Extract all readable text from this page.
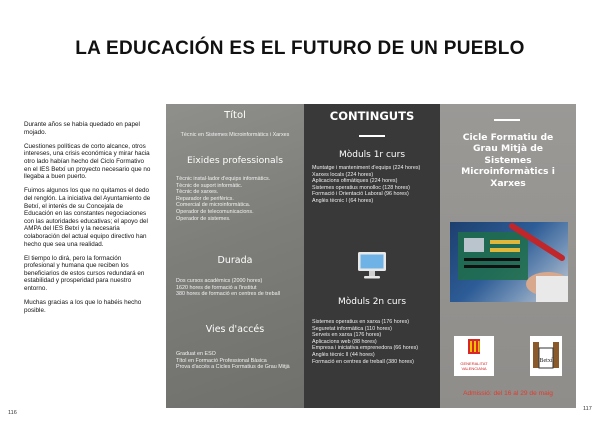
LA EDUCACIÓN ES EL FUTURO DE UN PUEBLO

Durante años se había quedado en papel mojado.

Cuestiones políticas de corto alcance, otros intereses, una crisis económica y mirar hacia otro lado habían hecho del Ciclo Formativo en el IES Betxí un proyecto necesario que no llegaba a buen puerto.

Fuimos algunos los que no quitamos el dedo del renglón. La iniciativa del Ayuntamiento de Betxí, el interés de su Concejala de Educación en las constantes negociaciones con las autoridades educativas; el apoyo del AMPA del IES Betxí y la necesaria colaboración del actual equipo directivo han hecho que sea una realidad.

El tiempo lo dirá, pero la formación profesional y humana que reciben los beneficiarios de estos cursos redundará en estabilidad y prosperidad para nuestro entorno.

Muchas gracias a los que lo habéis hecho posible.

116
117
Títol
Tècnic en Sistemes Microinformàtics i Xarxes
Eixides professionals
Tècnic instal·lador d'equips informàtics.
Tècnic de suport informàtic.
Tècnic de xarxes.
Reparador de perifèrics.
Comercial de microinformàtica.
Operador de telecomunicacions.
Operador de sistemes.
Durada
Dos cursos acadèmics (2000 hores)
1620 hores de formació a l'institut
380 hores de formació en centres de treball
Vies d'accés
Graduat en ESO
Títol en Formació Professional Bàsica
Prova d'accés a Cicles Formatius de Grau Mitjà
CONTINGUTS
Mòduls 1r curs
Muntatge i manteniment d'equips (224 hores)
Xarxes locals (224 hores)
Aplicacions ofimàtiques (224 hores)
Sistemes operatius monolloc (128 hores)
Formació i Orientació Laboral (96 hores)
Anglès tècnic I (64 hores)
Mòduls 2n curs
Sistemes operatius en xarxa (176 hores)
Seguretat informàtica (110 hores)
Serveis en xarxa (176 hores)
Aplicacions web (88 hores)
Empresa i iniciativa emprenedora (66 hores)
Anglès tècnic II (44 hores)
Formació en centres de treball (380 hores)
Cicle Formatiu de
Grau Mitjà de
Sistemes
Microinformàtics i
Xarxes
GENERALITAT
VALENCIANA
Betxí
Admissió: del 16 al 29 de maig
